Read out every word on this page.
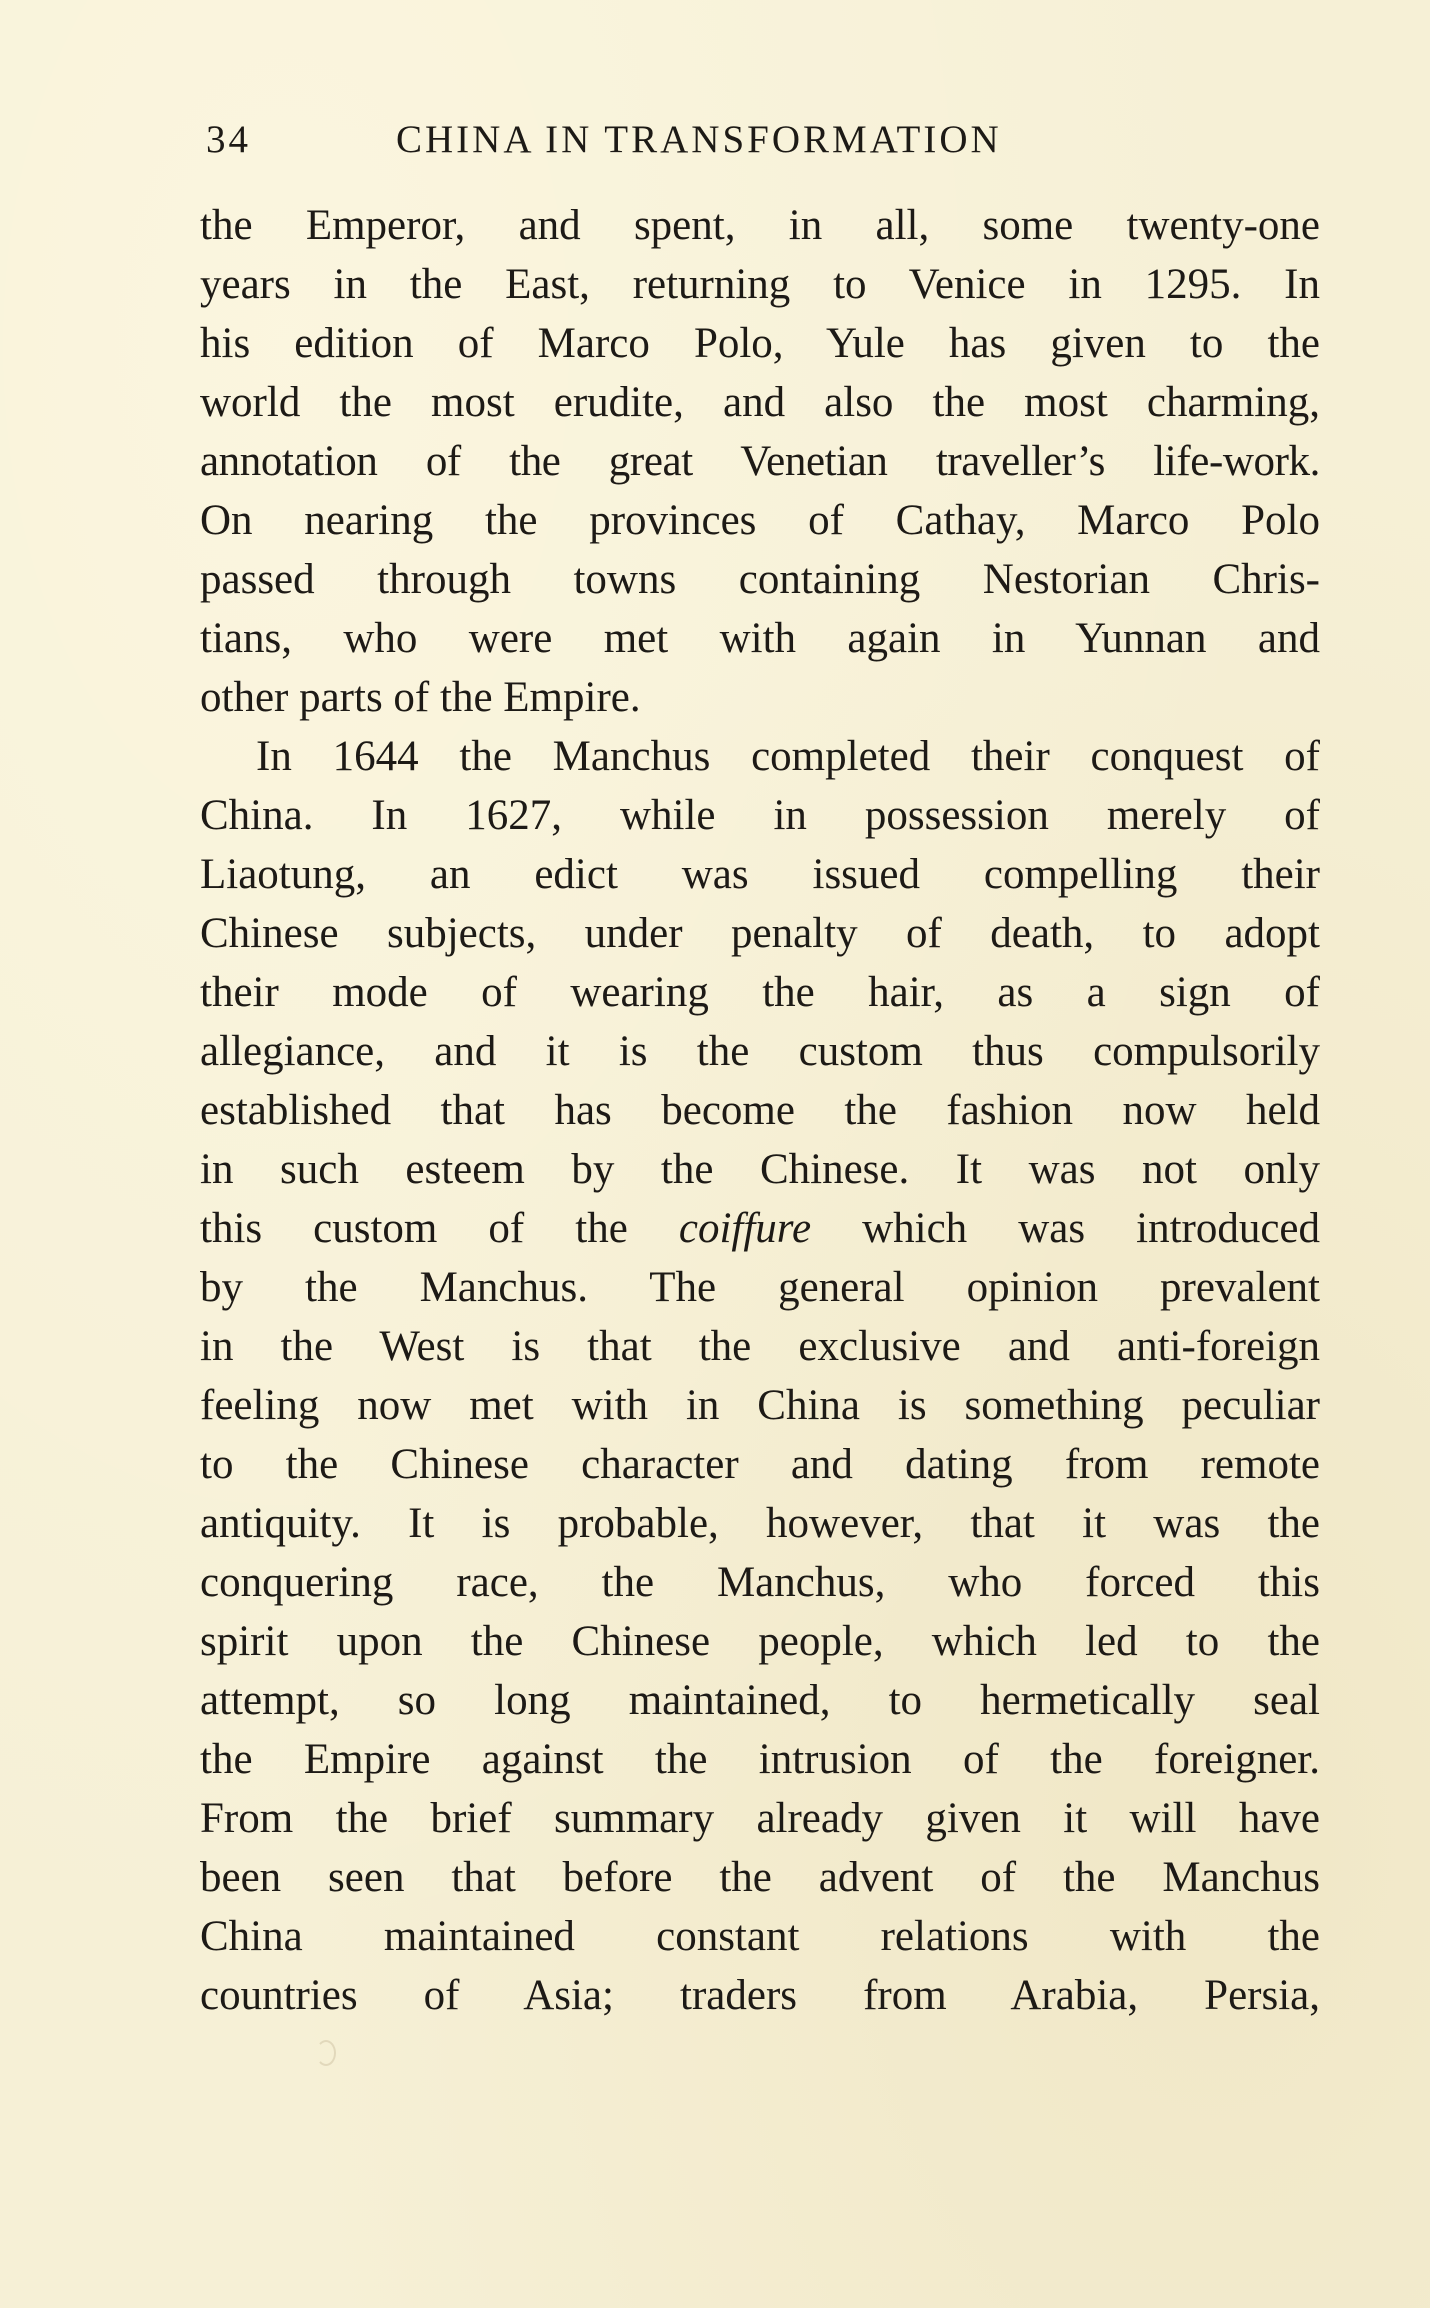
34	CHINA IN TRANSFORMATION
the Emperor, and spent, in all, some twenty-one
years in the East, returning to Venice in 1295. In
his edition of Marco Polo, Yule has given to the
world the most erudite, and also the most charming,
annotation of the great Venetian traveller’s life-work.
On nearing the provinces of Cathay, Marco Polo
passed through towns containing Nestorian Chris-
tians, who were met with again in Yunnan and
other parts of the Empire.
In 1644 the Manchus completed their conquest of
China. In 1627, while in possession merely of
Liaotung, an edict was issued compelling their
Chinese subjects, under penalty of death, to adopt
their mode of wearing the hair, as a sign of
allegiance, and it is the custom thus compulsorily
established that has become the fashion now held
in such esteem by the Chinese. It was not only
this custom of the coiffure which was introduced
by the Manchus. The general opinion prevalent
in the West is that the exclusive and anti-foreign
feeling now met with in China is something peculiar
to the Chinese character and dating from remote
antiquity. It is probable, however, that it was the
conquering race, the Manchus, who forced this
spirit upon the Chinese people, which led to the
attempt, so long maintained, to hermetically seal
the Empire against the intrusion of the foreigner.
From the brief summary already given it will have
been seen that before the advent of the Manchus
China maintained constant relations with the
countries of Asia; traders from Arabia, Persia,
